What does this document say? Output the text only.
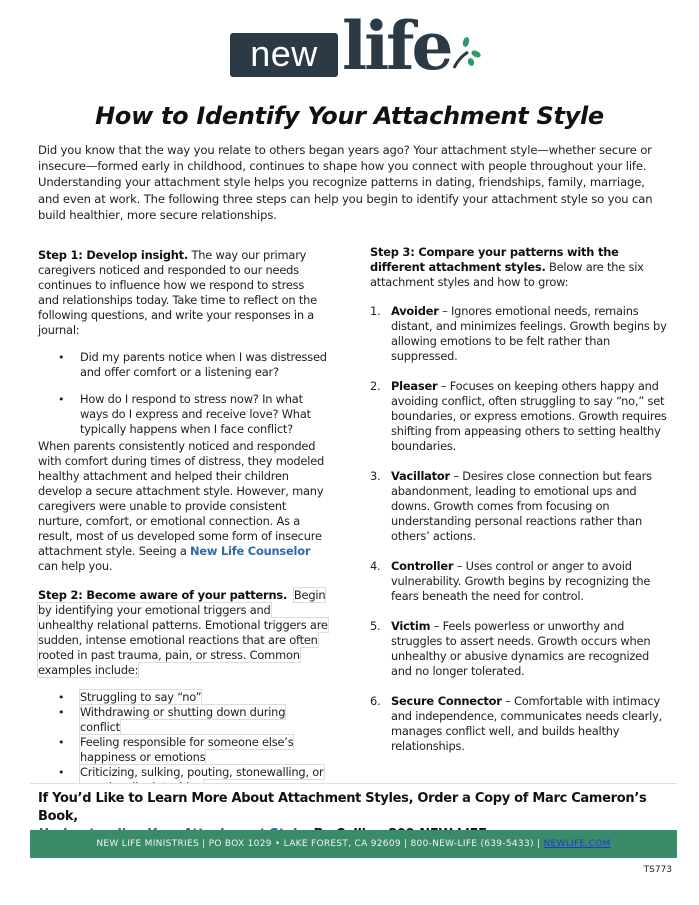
new life
How to Identify Your Attachment Style

Did you know that the way you relate to others began years ago? Your attachment style—whether secure or insecure—formed early in childhood, continues to shape how you connect with people throughout your life. Understanding your attachment style helps you recognize patterns in dating, friendships, family, marriage, and even at work. The following three steps can help you begin to identify your attachment style so you can build healthier, more secure relationships.

Step 1: Develop insight. The way our primary caregivers noticed and responded to our needs continues to influence how we respond to stress and relationships today. Take time to reflect on the following questions, and write your responses in a journal:

• Did my parents notice when I was distressed and offer comfort or a listening ear?
• How do I respond to stress now? In what ways do I express and receive love? What typically happens when I face conflict?

When parents consistently noticed and responded with comfort during times of distress, they modeled healthy attachment and helped their children develop a secure attachment style. However, many caregivers were unable to provide consistent nurture, comfort, or emotional connection. As a result, most of us developed some form of insecure attachment style. Seeing a New Life Counselor can help you.

Step 2: Become aware of your patterns. Begin by identifying your emotional triggers and unhealthy relational patterns. Emotional triggers are sudden, intense emotional reactions that are often rooted in past trauma, pain, or stress. Common examples include:

• Struggling to say “no”
• Withdrawing or shutting down during conflict
• Feeling responsible for someone else’s happiness or emotions
• Criticizing, sulking, pouting, stonewalling, or

Step 3: Compare your patterns with the different attachment styles. Below are the six attachment styles and how to grow:

1. Avoider – Ignores emotional needs, remains distant, and minimizes feelings. Growth begins by allowing emotions to be felt rather than suppressed.
2. Pleaser – Focuses on keeping others happy and avoiding conflict, often struggling to say “no,” set boundaries, or express emotions. Growth requires shifting from appeasing others to setting healthy boundaries.
3. Vacillator – Desires close connection but fears abandonment, leading to emotional ups and downs. Growth comes from focusing on understanding personal reactions rather than others’ actions.
4. Controller – Uses control or anger to avoid vulnerability. Growth begins by recognizing the fears beneath the need for control.
5. Victim – Feels powerless or unworthy and struggles to assert needs. Growth occurs when unhealthy or abusive dynamics are recognized and no longer tolerated.
6. Secure Connector – Comfortable with intimacy and independence, communicates needs clearly, manages conflict well, and builds healthy relationships.
If You’d Like to Learn More About Attachment Styles, Order a Copy of Marc Cameron’s Book,

NEW LIFE MINISTRIES | PO BOX 1029 • LAKE FOREST, CA 92609 | 800-NEW-LIFE (639-5433) | NEWLIFE.COM
TS773
